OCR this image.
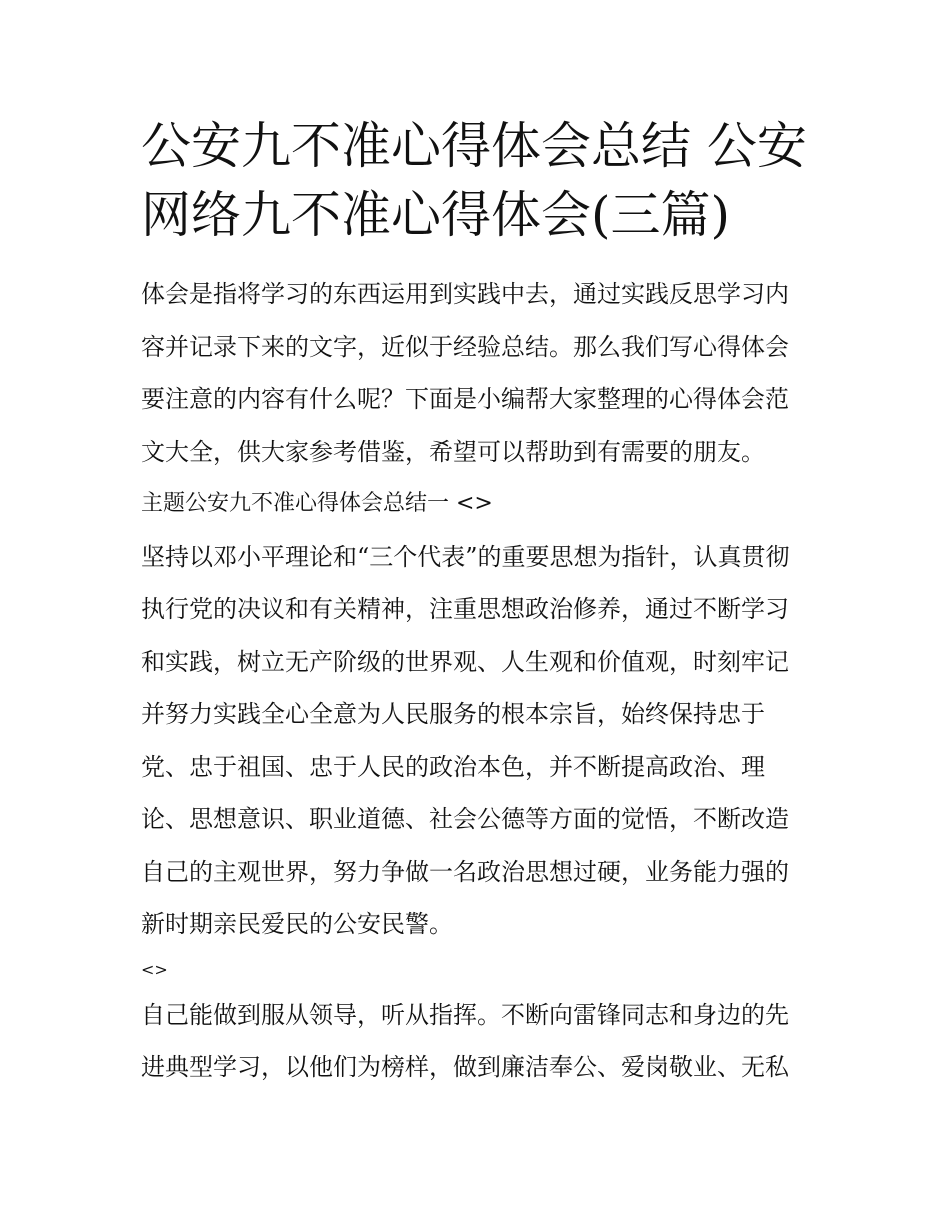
公安九不准心得体会总结 公安
网络九不准心得体会(三篇)
体会是指将学习的东西运用到实践中去，通过实践反思学习内
容并记录下来的文字，近似于经验总结。那么我们写心得体会
要注意的内容有什么呢？下面是小编帮大家整理的心得体会范
文大全，供大家参考借鉴，希望可以帮助到有需要的朋友。
主题公安九不准心得体会总结一 <>
坚持以邓小平理论和“三个代表”的重要思想为指针，认真贯彻
执行党的决议和有关精神，注重思想政治修养，通过不断学习
和实践，树立无产阶级的世界观、人生观和价值观，时刻牢记
并努力实践全心全意为人民服务的根本宗旨，始终保持忠于
党、忠于祖国、忠于人民的政治本色，并不断提高政治、理
论、思想意识、职业道德、社会公德等方面的觉悟，不断改造
自己的主观世界，努力争做一名政治思想过硬，业务能力强的
新时期亲民爱民的公安民警。
<>
自己能做到服从领导，听从指挥。不断向雷锋同志和身边的先
进典型学习，以他们为榜样，做到廉洁奉公、爱岗敬业、无私
